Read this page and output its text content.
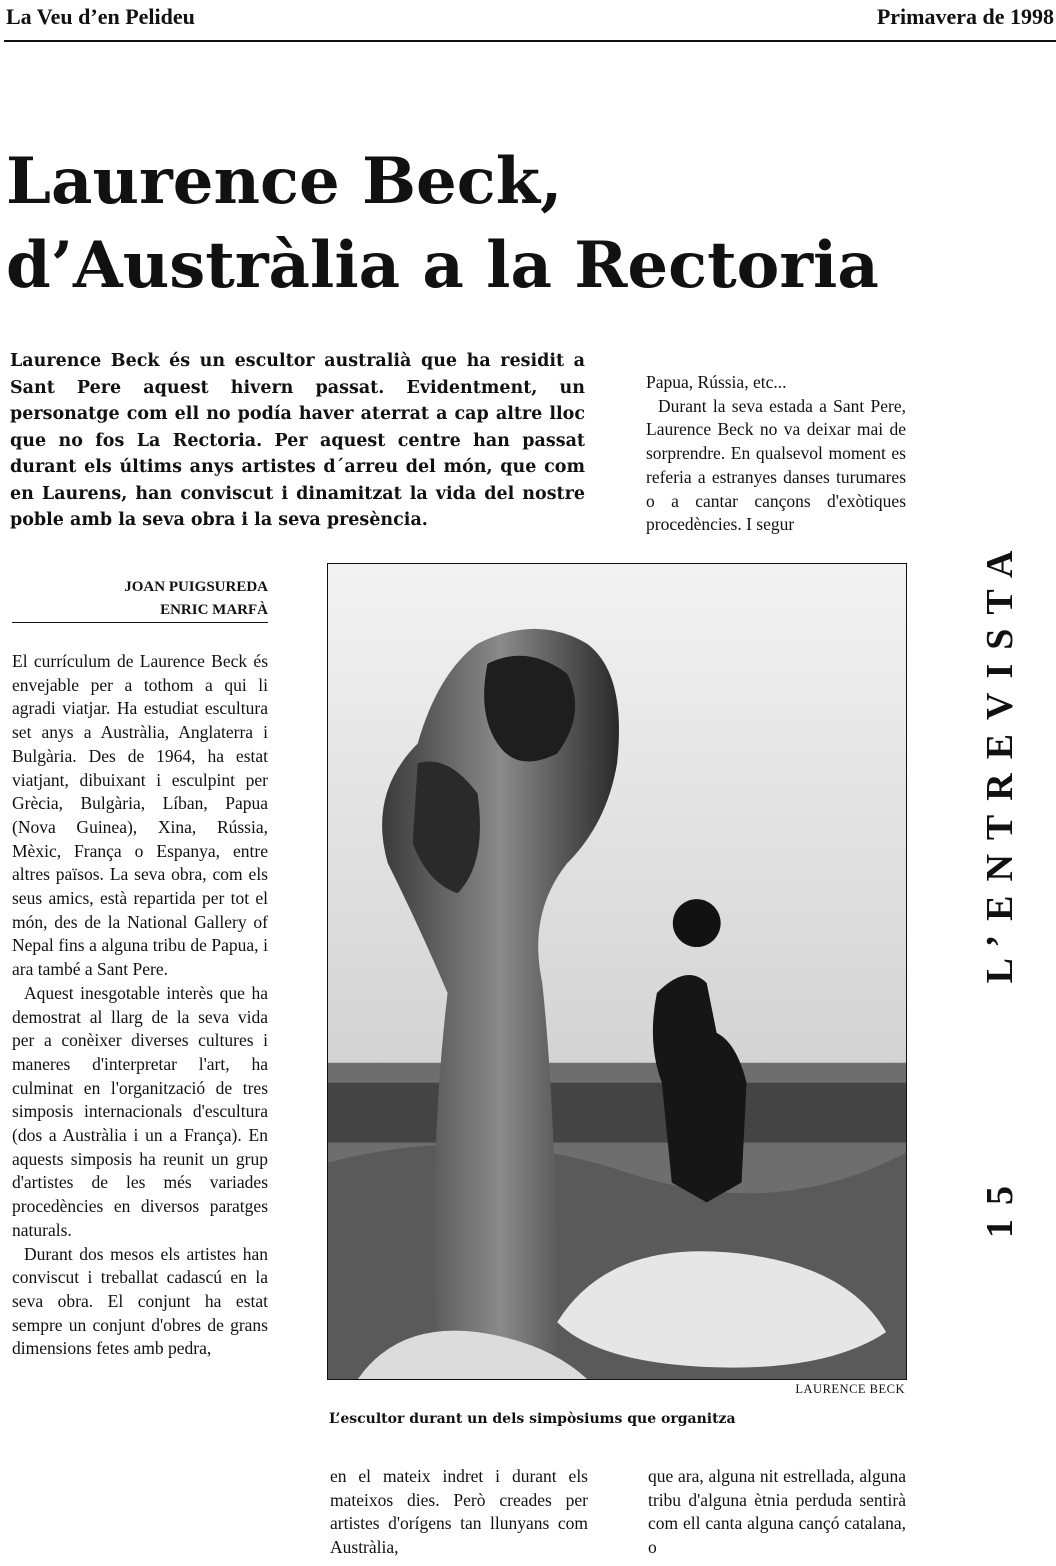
La Veu d’en Pelideu	Primavera de 1998
Laurence Beck,
d’Austràlia a la Rectoria
Laurence Beck és un escultor australià que ha residit a Sant Pere aquest hivern passat. Evidentment, un personatge com ell no podía haver aterrat a cap altre lloc que no fos La Rectoria. Per aquest centre han passat durant els últims anys artistes d´arreu del món, que com en Laurens, han conviscut i dinamitzat la vida del nostre poble amb la seva obra i la seva presència.
JOAN PUIGSUREDA
ENRIC MARFÀ

El currículum de Laurence Beck és envejable per a tothom a qui li agradi viatjar. Ha estudiat escultura set anys a Austràlia, Anglaterra i Bulgària. Des de 1964, ha estat viatjant, dibuixant i esculpint per Grècia, Bulgària, Líban, Papua (Nova Guinea), Xina, Rússia, Mèxic, França o Espanya, entre altres països. La seva obra, com els seus amics, està repartida per tot el món, des de la National Gallery of Nepal fins a alguna tribu de Papua, i ara també a Sant Pere.

Aquest inesgotable interès que ha demostrat al llarg de la seva vida per a conèixer diverses cultures i maneres d'interpretar l'art, ha culminat en l'organització de tres simposis internacionals d'escultura (dos a Austràlia i un a França). En aquests simposis ha reunit un grup d'artistes de les més variades procedències en diversos paratges naturals.

Durant dos mesos els artistes han conviscut i treballat cadascú en la seva obra. El conjunt ha estat sempre un conjunt d'obres de grans dimensions fetes amb pedra,

Papua, Rússia, etc...

Durant la seva estada a Sant Pere, Laurence Beck no va deixar mai de sorprendre. En qualsevol moment es referia a estranyes danses turumares o a cantar cançons d'exòtiques procedències. I segur

LAURENCE BECK
L’escultor durant un dels simpòsiums que organitza

en el mateix indret i durant els mateixos dies. Però creades per artistes d'orígens tan llunyans com Austràlia,

que ara, alguna nit estrellada, alguna tribu d'alguna ètnia perduda sentirà com ell canta alguna cançó catalana, o

L’ENTREVISTA
15
